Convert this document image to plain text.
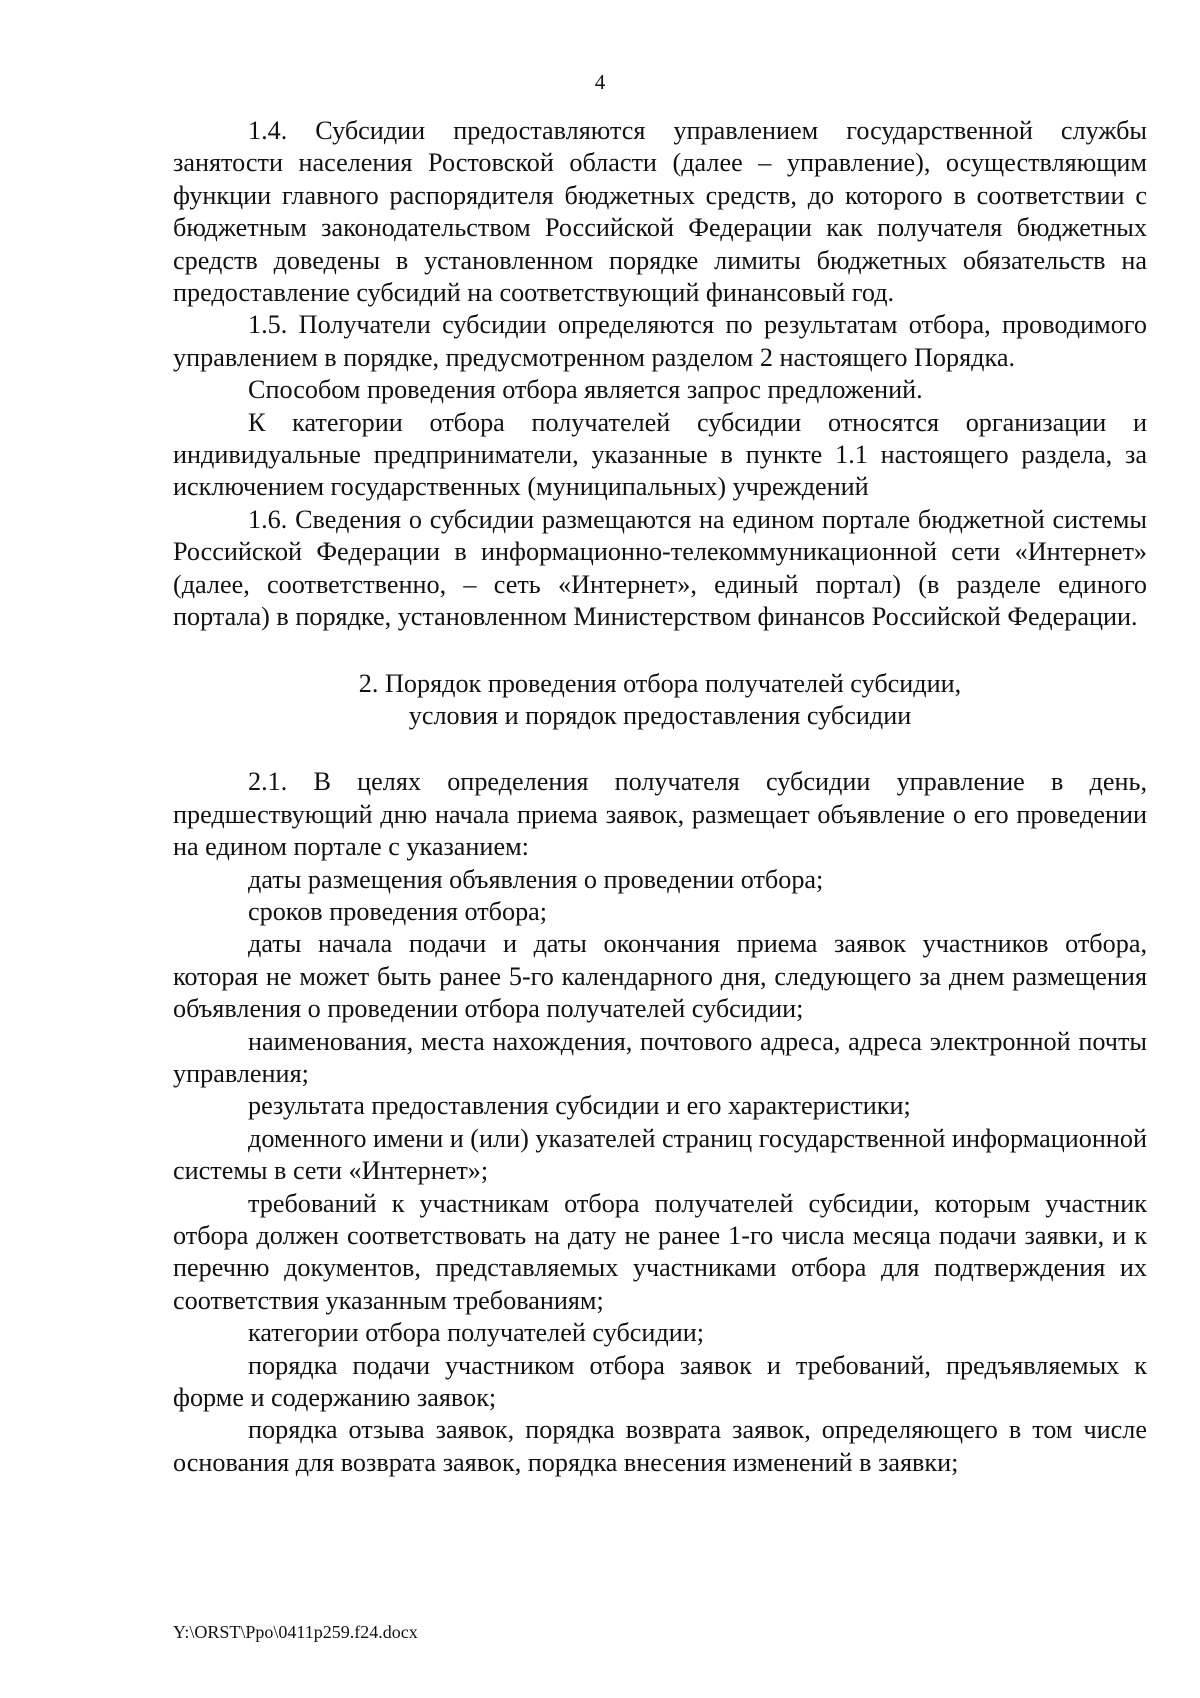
4

1.4. Субсидии предоставляются управлением государственной службы занятости населения Ростовской области (далее – управление), осуществляющим функции главного распорядителя бюджетных средств, до которого в соответствии с бюджетным законодательством Российской Федерации как получателя бюджетных средств доведены в установленном порядке лимиты бюджетных обязательств на предоставление субсидий на соответствующий финансовый год.

1.5. Получатели субсидии определяются по результатам отбора, проводимого управлением в порядке, предусмотренном разделом 2 настоящего Порядка.

Способом проведения отбора является запрос предложений.

К категории отбора получателей субсидии относятся организации и индивидуальные предприниматели, указанные в пункте 1.1 настоящего раздела, за исключением государственных (муниципальных) учреждений

1.6. Сведения о субсидии размещаются на едином портале бюджетной системы Российской Федерации в информационно-телекоммуникационной сети «Интернет» (далее, соответственно, – сеть «Интернет», единый портал) (в разделе единого портала) в порядке, установленном Министерством финансов Российской Федерации.

2. Порядок проведения отбора получателей субсидии,

условия и порядок предоставления субсидии

2.1. В целях определения получателя субсидии управление в день, предшествующий дню начала приема заявок, размещает объявление о его проведении на едином портале с указанием:

даты размещения объявления о проведении отбора;

сроков проведения отбора;

даты начала подачи и даты окончания приема заявок участников отбора, которая не может быть ранее 5-го календарного дня, следующего за днем размещения объявления о проведении отбора получателей субсидии;

наименования, места нахождения, почтового адреса, адреса электронной почты управления;

результата предоставления субсидии и его характеристики;

доменного имени и (или) указателей страниц государственной информационной системы в сети «Интернет»;

требований к участникам отбора получателей субсидии, которым участник отбора должен соответствовать на дату не ранее 1-го числа месяца подачи заявки, и к перечню документов, представляемых участниками отбора для подтверждения их соответствия указанным требованиям;

категории отбора получателей субсидии;

порядка подачи участником отбора заявок и требований, предъявляемых к форме и содержанию заявок;

порядка отзыва заявок, порядка возврата заявок, определяющего в том числе основания для возврата заявок, порядка внесения изменений в заявки;

Y:\ORST\Ppo\0411p259.f24.docx
